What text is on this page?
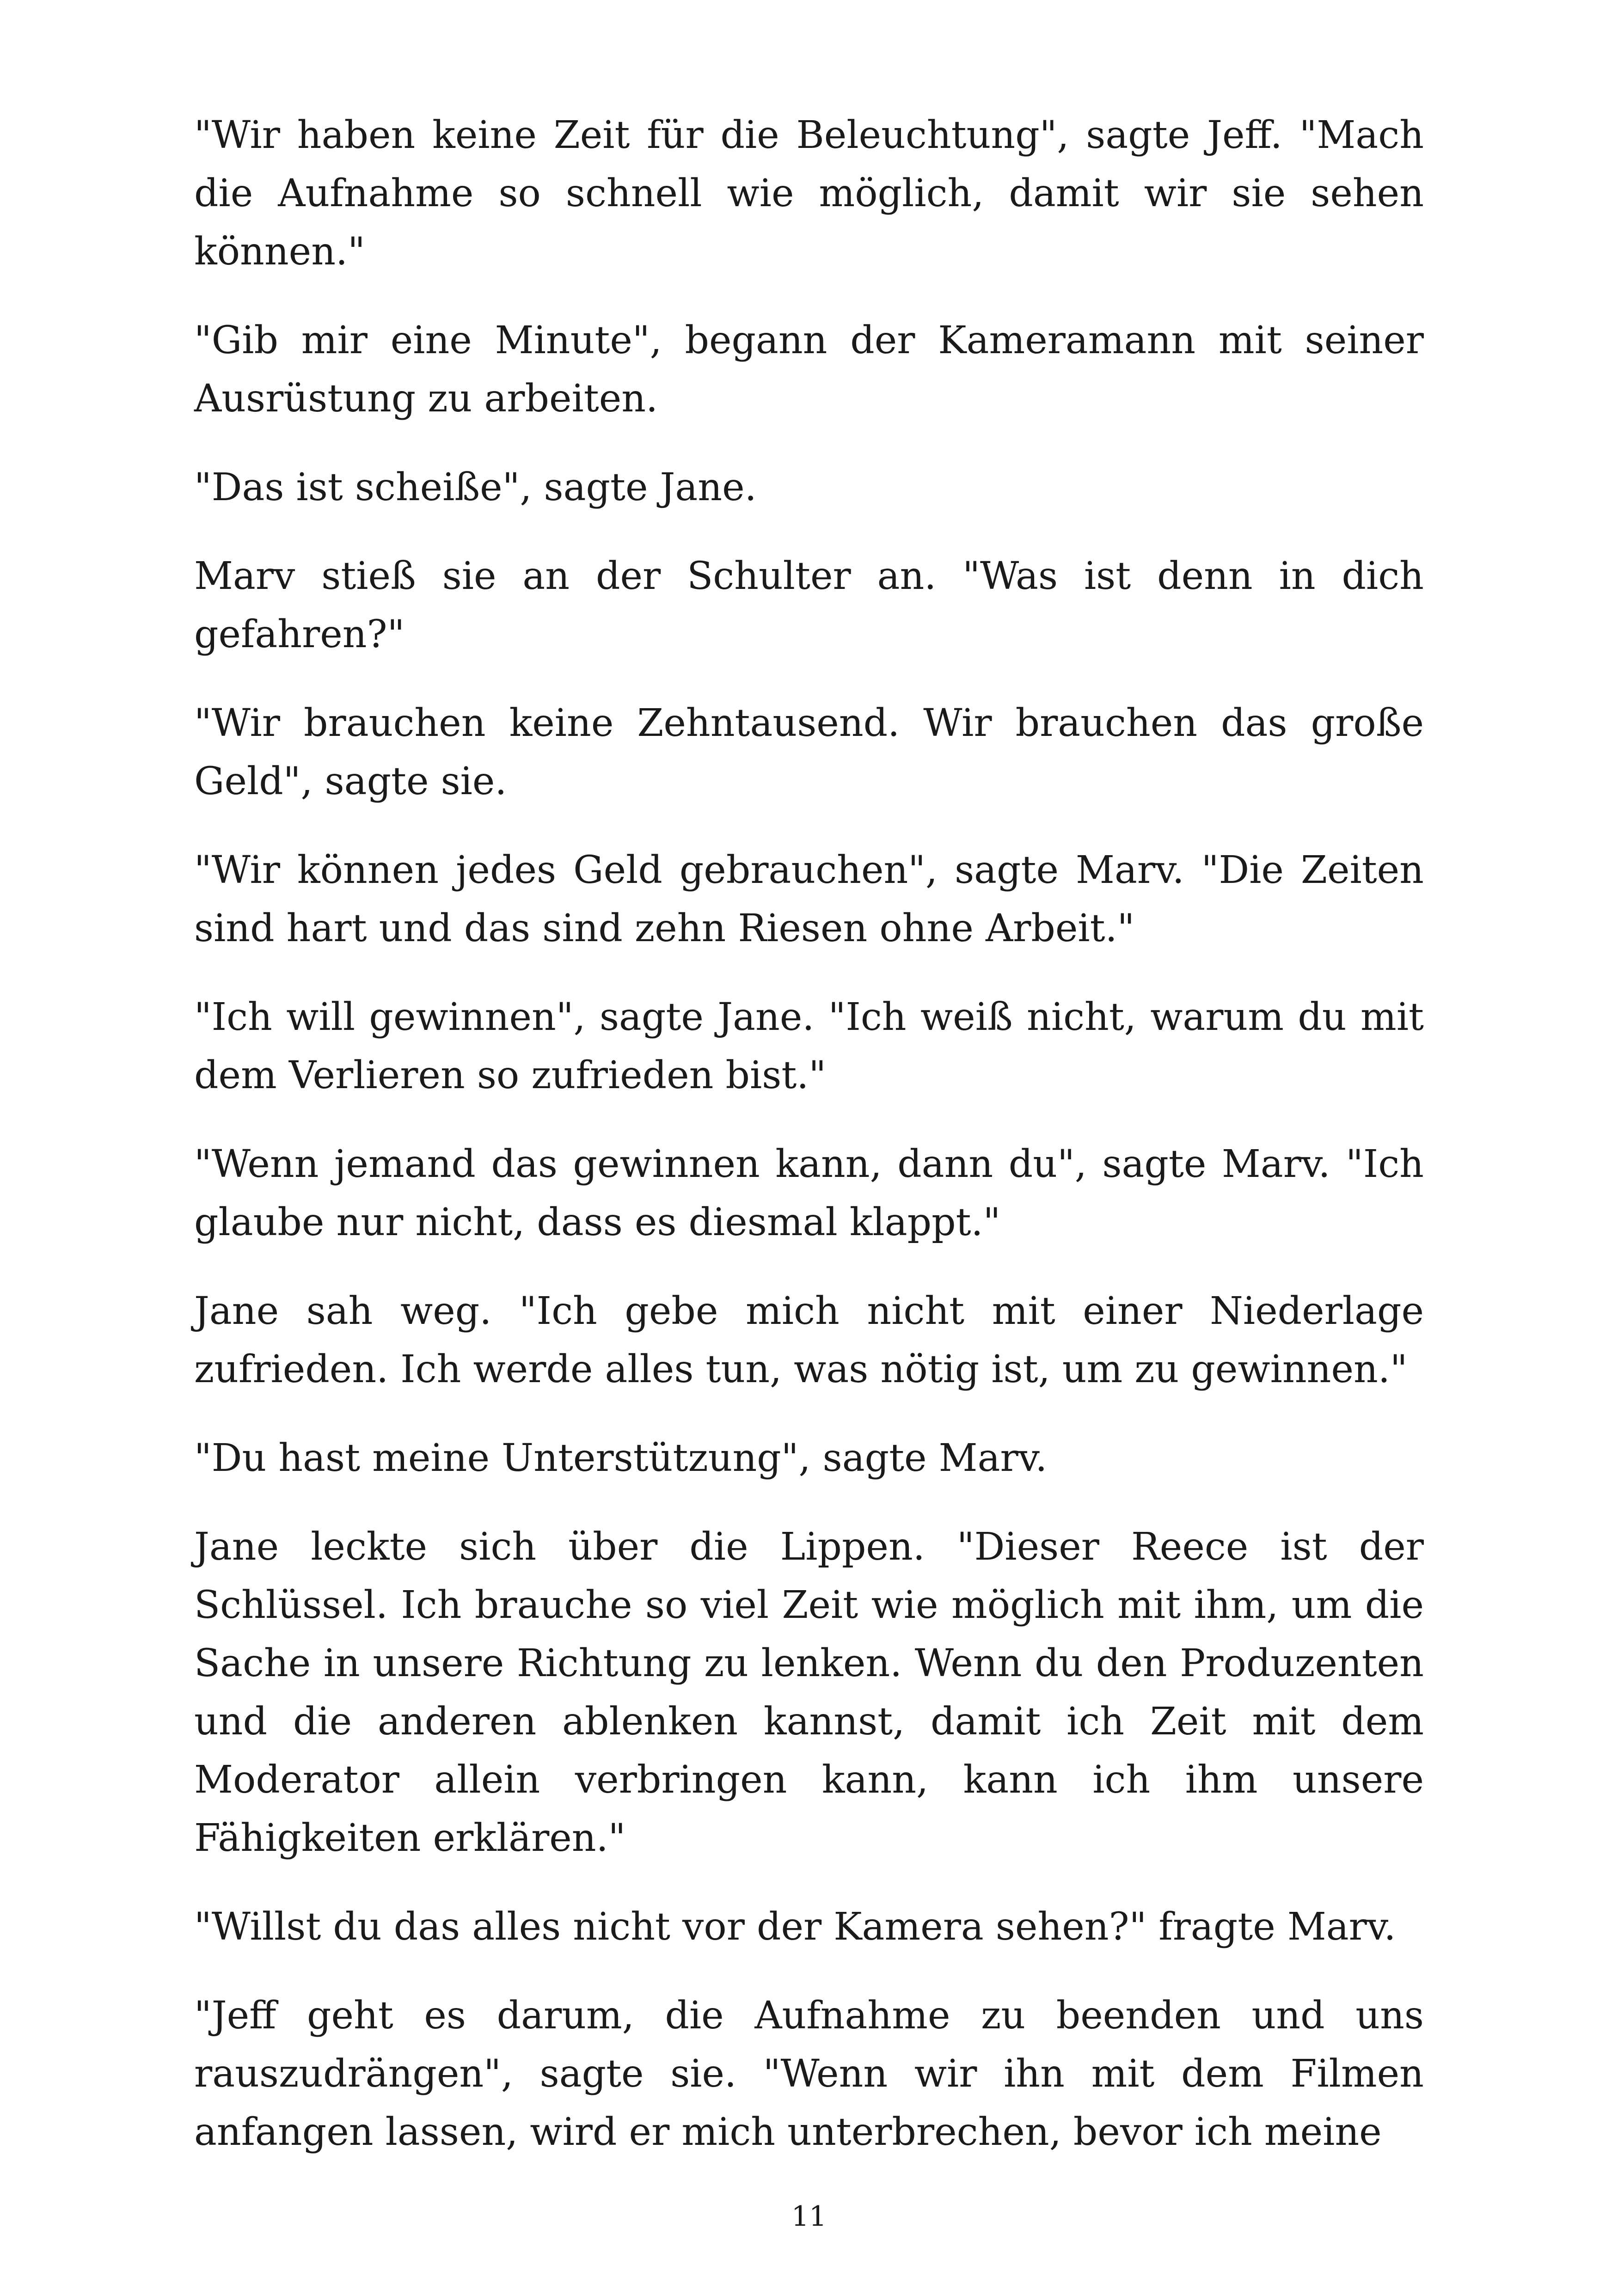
"Wir haben keine Zeit für die Beleuchtung", sagte Jeff. "Mach die Aufnahme so schnell wie möglich, damit wir sie sehen können."

"Gib mir eine Minute", begann der Kameramann mit seiner Ausrüstung zu arbeiten.

"Das ist scheiße", sagte Jane.

Marv stieß sie an der Schulter an. "Was ist denn in dich gefahren?"

"Wir brauchen keine Zehntausend. Wir brauchen das große Geld", sagte sie.

"Wir können jedes Geld gebrauchen", sagte Marv. "Die Zeiten sind hart und das sind zehn Riesen ohne Arbeit."

"Ich will gewinnen", sagte Jane. "Ich weiß nicht, warum du mit dem Verlieren so zufrieden bist."

"Wenn jemand das gewinnen kann, dann du", sagte Marv. "Ich glaube nur nicht, dass es diesmal klappt."

Jane sah weg. "Ich gebe mich nicht mit einer Niederlage zufrieden. Ich werde alles tun, was nötig ist, um zu gewinnen."

"Du hast meine Unterstützung", sagte Marv.

Jane leckte sich über die Lippen. "Dieser Reece ist der Schlüssel. Ich brauche so viel Zeit wie möglich mit ihm, um die Sache in unsere Richtung zu lenken. Wenn du den Produzenten und die anderen ablenken kannst, damit ich Zeit mit dem Moderator allein verbringen kann, kann ich ihm unsere Fähigkeiten erklären."

"Willst du das alles nicht vor der Kamera sehen?" fragte Marv.

"Jeff geht es darum, die Aufnahme zu beenden und uns rauszudrängen", sagte sie. "Wenn wir ihn mit dem Filmen anfangen lassen, wird er mich unterbrechen, bevor ich meine

11
